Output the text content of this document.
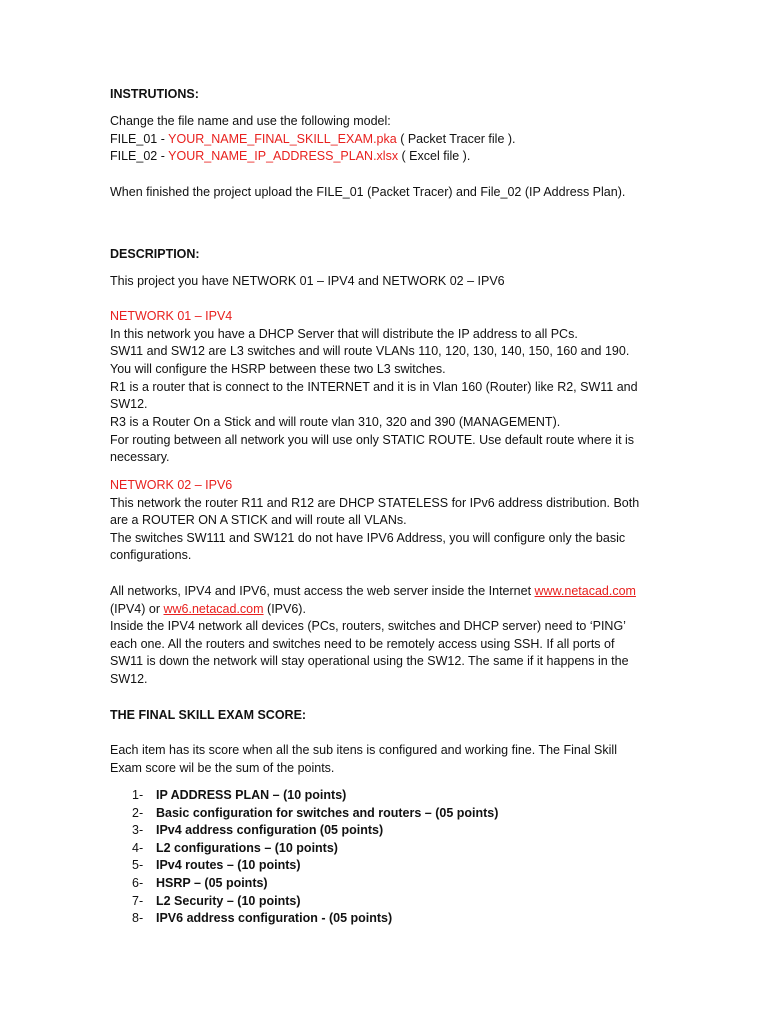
INSTRUTIONS:
Change the file name and use the following model:
FILE_01 - YOUR_NAME_FINAL_SKILL_EXAM.pka ( Packet Tracer file ).
FILE_02 - YOUR_NAME_IP_ADDRESS_PLAN.xlsx ( Excel file ).
When finished the project upload the FILE_01 (Packet Tracer) and File_02 (IP Address Plan).
DESCRIPTION:
This project you have NETWORK 01 – IPV4 and NETWORK 02 – IPV6
NETWORK 01 – IPV4
In this network you have a DHCP Server that will distribute the IP address to all PCs.
SW11 and SW12 are L3 switches and will route VLANs 110, 120, 130, 140, 150, 160 and 190.
You will configure the HSRP between these two L3 switches.
R1 is a router that is connect to the INTERNET and it is in Vlan 160 (Router) like R2, SW11 and
SW12.
R3 is a Router On a Stick and will route vlan 310, 320 and 390 (MANAGEMENT).
For routing between all network you will use only STATIC ROUTE. Use default route where it is
necessary.
NETWORK 02 – IPV6
This network the router R11 and R12 are DHCP STATELESS for IPv6 address distribution. Both
are a ROUTER ON A STICK and will route all VLANs.
The switches SW111 and SW121 do not have IPV6 Address, you will configure only the basic
configurations.
All networks, IPV4 and IPV6, must access the web server inside the Internet www.netacad.com
(IPV4) or ww6.netacad.com (IPV6).
Inside the IPV4 network all devices (PCs, routers, switches and DHCP server) need to ‘PING’
each one. All the routers and switches need to be remotely access using SSH. If all ports of
SW11 is down the network will stay operational using the SW12. The same if it happens in the
SW12.
THE FINAL SKILL EXAM SCORE:
Each item has its score when all the sub itens is configured and working fine. The Final Skill
Exam score wil be the sum of the points.
1- IP ADDRESS PLAN – (10 points)
2- Basic configuration for switches and routers – (05 points)
3- IPv4 address configuration (05 points)
4- L2 configurations – (10 points)
5- IPv4 routes – (10 points)
6- HSRP – (05 points)
7- L2 Security – (10 points)
8- IPV6 address configuration - (05 points)
